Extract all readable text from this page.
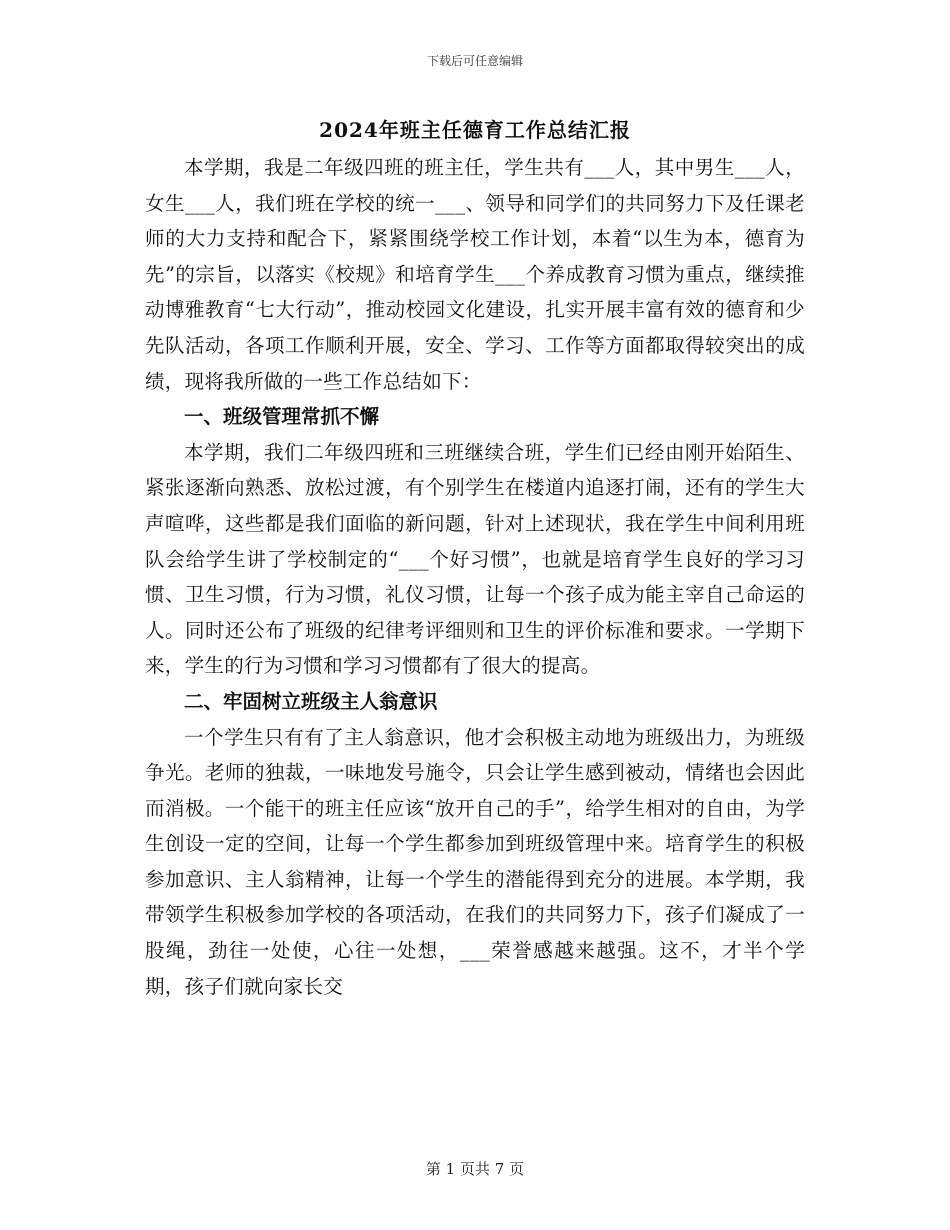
下载后可任意编辑
2024年班主任德育工作总结汇报

本学期，我是二年级四班的班主任，学生共有___人，其中男生___人，女生___人，我们班在学校的统一___、领导和同学们的共同努力下及任课老师的大力支持和配合下，紧紧围绕学校工作计划，本着“以生为本，德育为先”的宗旨，以落实《校规》和培育学生___个养成教育习惯为重点，继续推动博雅教育“七大行动”，推动校园文化建设，扎实开展丰富有效的德育和少先队活动，各项工作顺利开展，安全、学习、工作等方面都取得较突出的成绩，现将我所做的一些工作总结如下：

一、班级管理常抓不懈

本学期，我们二年级四班和三班继续合班，学生们已经由刚开始陌生、紧张逐渐向熟悉、放松过渡，有个别学生在楼道内追逐打闹，还有的学生大声喧哗，这些都是我们面临的新问题，针对上述现状，我在学生中间利用班队会给学生讲了学校制定的“___个好习惯”，也就是培育学生良好的学习习惯、卫生习惯，行为习惯，礼仪习惯，让每一个孩子成为能主宰自己命运的人。同时还公布了班级的纪律考评细则和卫生的评价标准和要求。一学期下来，学生的行为习惯和学习习惯都有了很大的提高。

二、牢固树立班级主人翁意识

一个学生只有有了主人翁意识，他才会积极主动地为班级出力，为班级争光。老师的独裁，一味地发号施令，只会让学生感到被动，情绪也会因此而消极。一个能干的班主任应该“放开自己的手”，给学生相对的自由，为学生创设一定的空间，让每一个学生都参加到班级管理中来。培育学生的积极参加意识、主人翁精神，让每一个学生的潜能得到充分的进展。本学期，我带领学生积极参加学校的各项活动，在我们的共同努力下，孩子们凝成了一股绳，劲往一处使，心往一处想，___荣誉感越来越强。这不，才半个学期，孩子们就向家长交

第 1 页共 7 页
